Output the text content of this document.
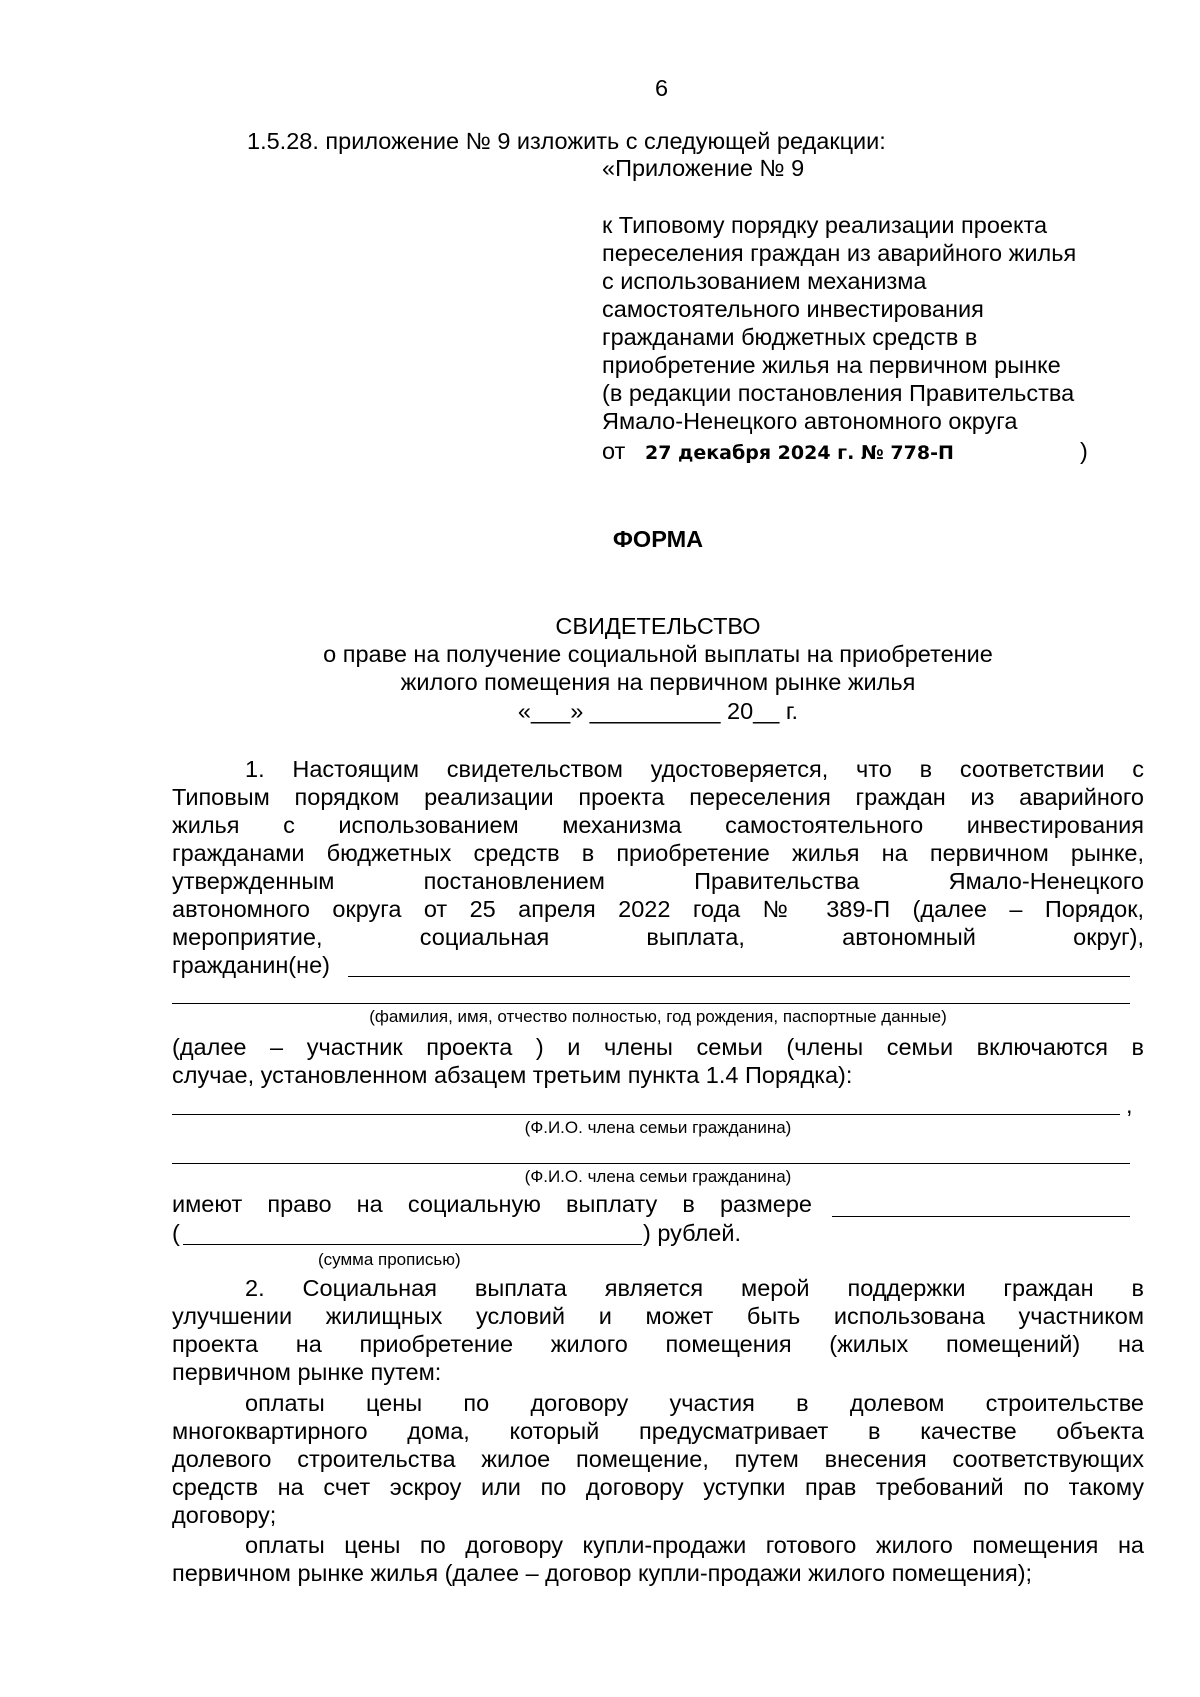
6
1.5.28. приложение № 9 изложить с следующей редакции:
«Приложение № 9
к Типовому порядку реализации проекта
переселения граждан из аварийного жилья
с использованием механизма
самостоятельного инвестирования
гражданами бюджетных средств в
приобретение жилья на первичном рынке
(в редакции постановления Правительства
Ямало-Ненецкого автономного округа
от 27 декабря 2024 г. № 778-П	)
ФОРМА
СВИДЕТЕЛЬСТВО
о праве на получение социальной выплаты на приобретение
жилого помещения на первичном рынке жилья
«___» __________ 20__ г.
1. Настоящим свидетельством удостоверяется, что в соответствии с
Типовым порядком реализации проекта переселения граждан из аварийного
жилья с использованием механизма самостоятельного инвестирования
гражданами бюджетных средств в приобретение жилья на первичном рынке,
утвержденным постановлением Правительства Ямало-Ненецкого
автономного округа от 25 апреля 2022 года № 389-П (далее – Порядок,
мероприятие, социальная выплата, автономный округ),
гражданин(не)
(фамилия, имя, отчество полностью, год рождения, паспортные данные)
(далее – участник проекта ) и члены семьи (члены семьи включаются в
случае, установленном абзацем третьим пункта 1.4 Порядка):
,
(Ф.И.О. члена семьи гражданина)
(Ф.И.О. члена семьи гражданина)
имеют право на социальную выплату в размере
(	) рублей.
(сумма прописью)
2. Социальная выплата является мерой поддержки граждан в
улучшении жилищных условий и может быть использована участником
проекта на приобретение жилого помещения (жилых помещений) на
первичном рынке путем:
оплаты цены по договору участия в долевом строительстве
многоквартирного дома, который предусматривает в качестве объекта
долевого строительства жилое помещение, путем внесения соответствующих
средств на счет эскроу или по договору уступки прав требований по такому
договору;
оплаты цены по договору купли-продажи готового жилого помещения на
первичном рынке жилья (далее – договор купли-продажи жилого помещения);
